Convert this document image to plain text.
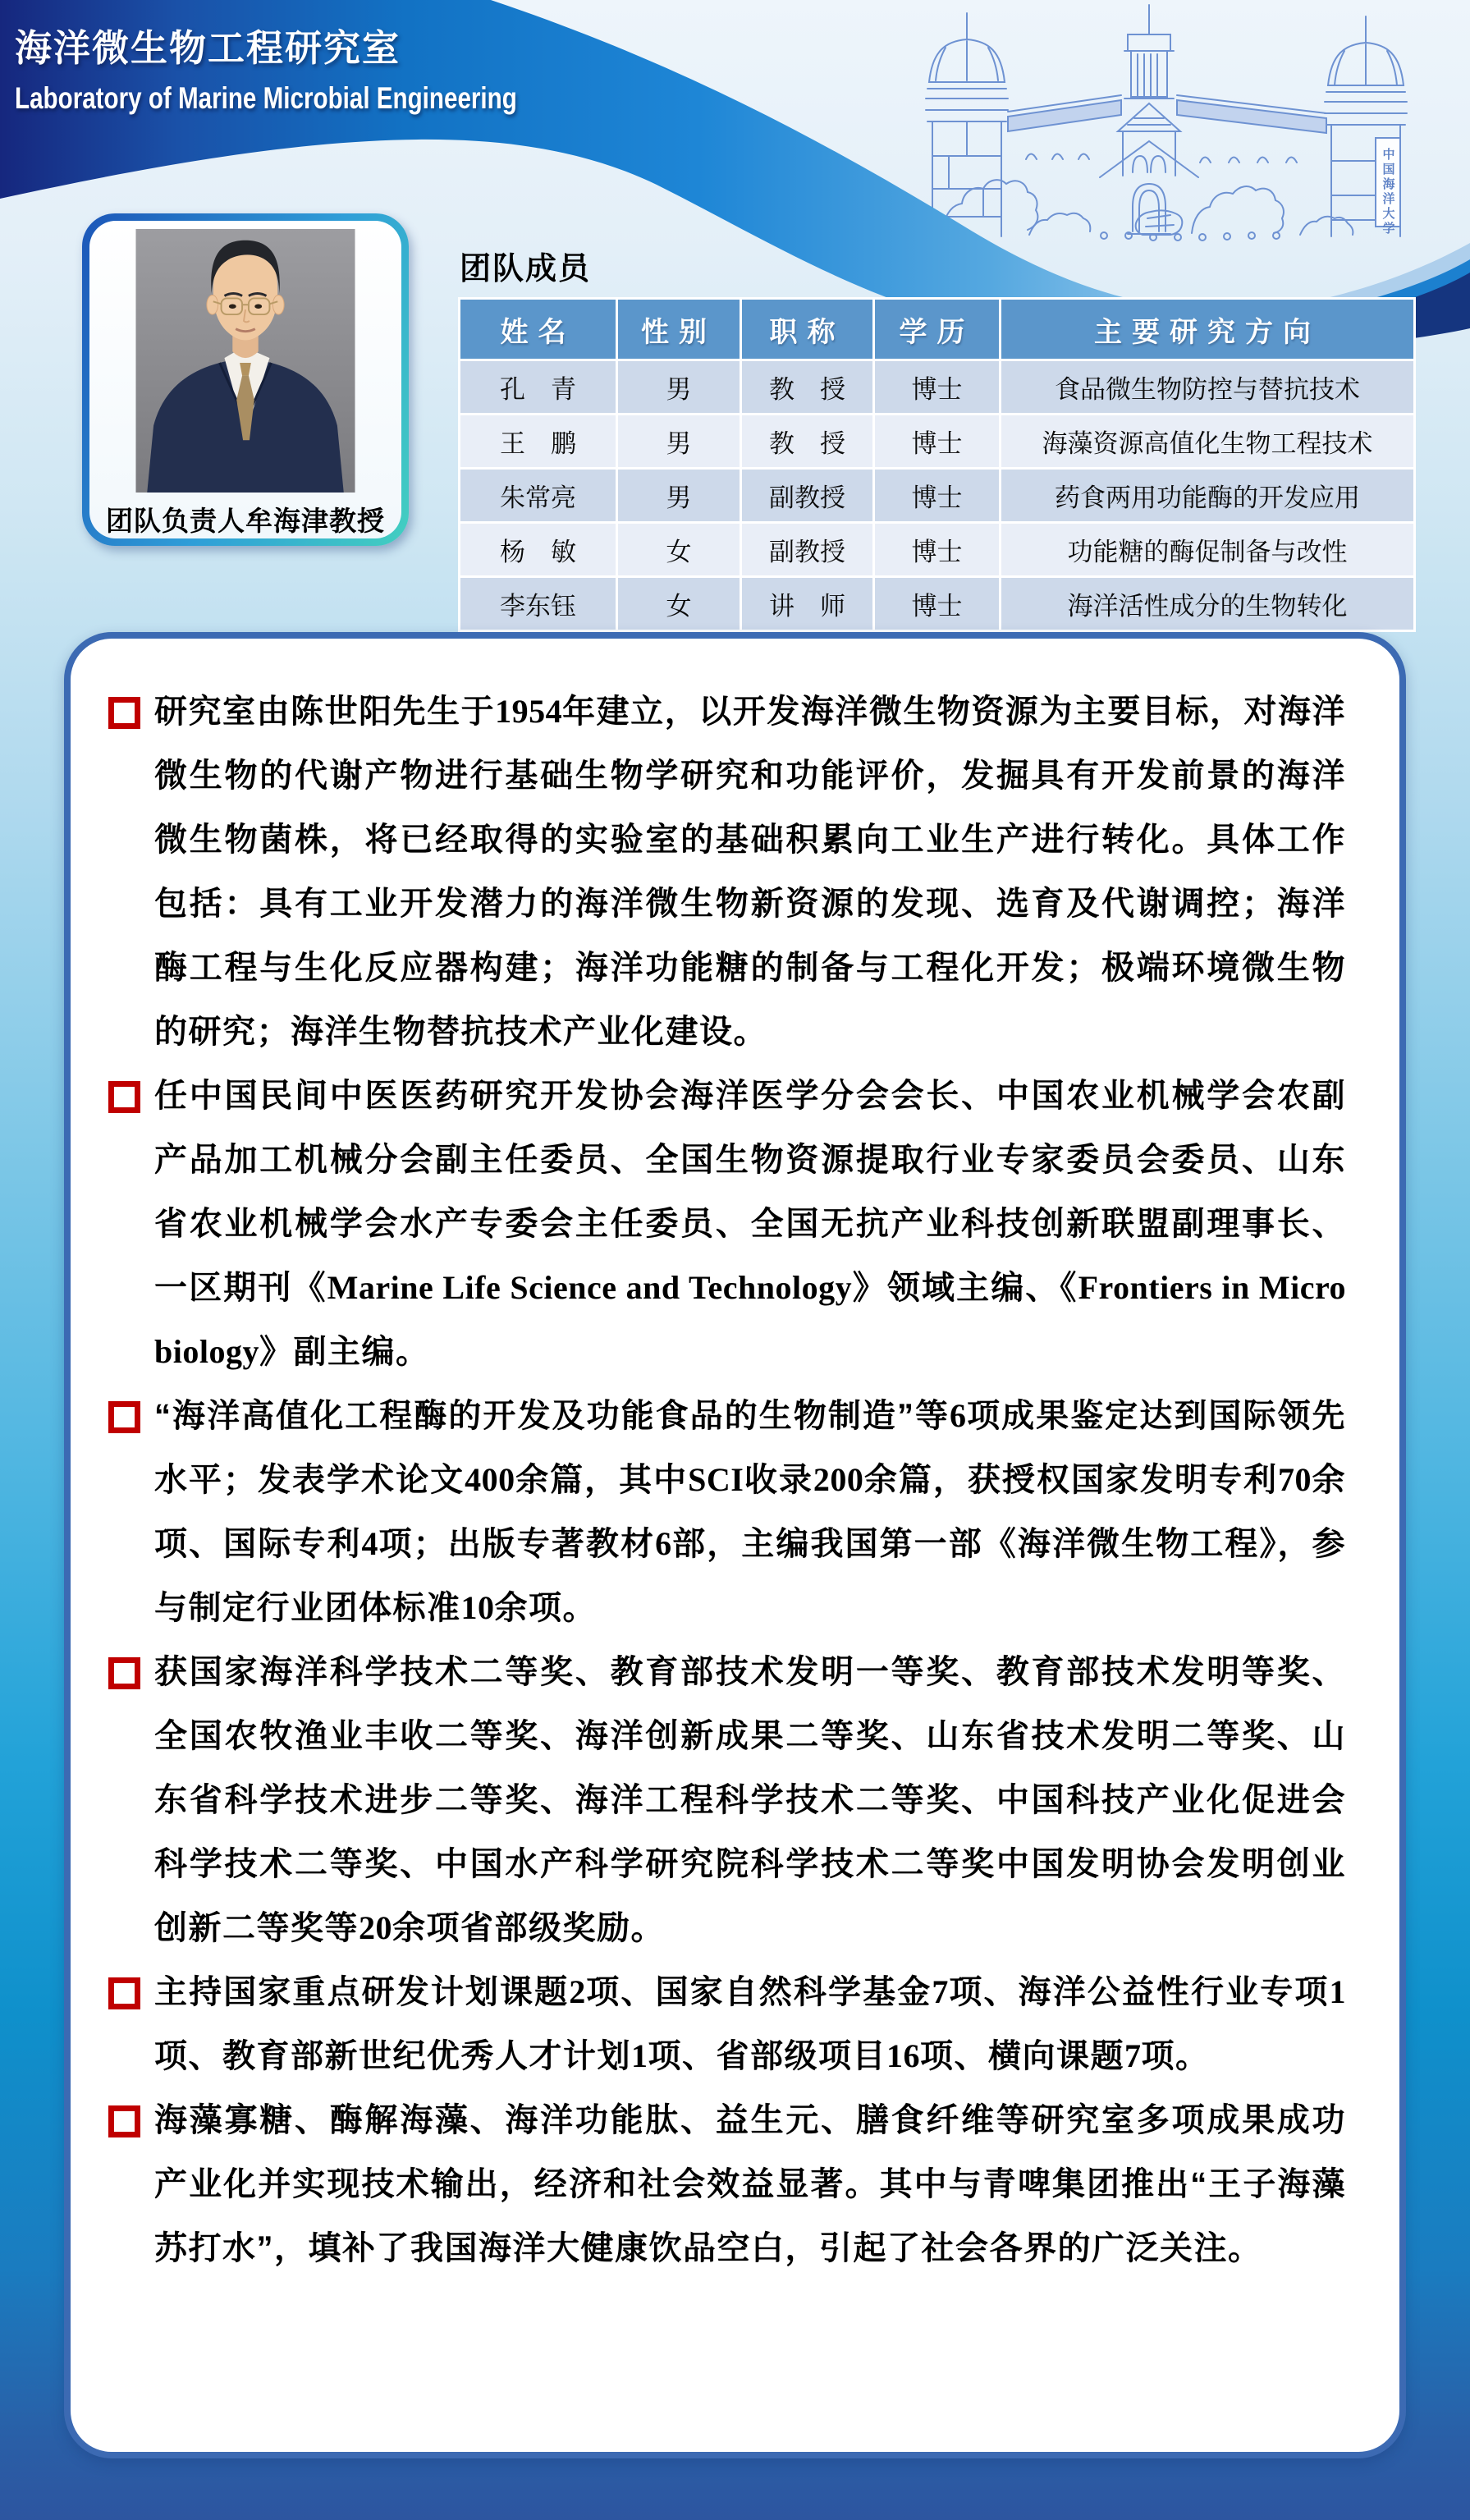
中国海洋大学
海洋微生物工程研究室
Laboratory of Marine Microbial Engineering
团队负责人牟海津教授
团队成员
姓名	性别	职称	学历	主要研究方向
孔　青	男	教　授	博士	食品微生物防控与替抗技术
王　鹏	男	教　授	博士	海藻资源高值化生物工程技术
朱常亮	男	副教授	博士	药食两用功能酶的开发应用
杨　敏	女	副教授	博士	功能糖的酶促制备与改性
李东钰	女	讲　师	博士	海洋活性成分的生物转化

研究室由陈世阳先生于1954年建立，以开发海洋微生物资源为主要目标，对海洋微生物的代谢产物进行基础生物学研究和功能评价，发掘具有开发前景的海洋微生物菌株，将已经取得的实验室的基础积累向工业生产进行转化。具体工作包括：具有工业开发潜力的海洋微生物新资源的发现、选育及代谢调控；海洋酶工程与生化反应器构建；海洋功能糖的制备与工程化开发；极端环境微生物的研究；海洋生物替抗技术产业化建设。

任中国民间中医医药研究开发协会海洋医学分会会长、中国农业机械学会农副产品加工机械分会副主任委员、全国生物资源提取行业专家委员会委员、山东省农业机械学会水产专委会主任委员、全国无抗产业科技创新联盟副理事长、一区期刊《Marine Life Science and Technology》领域主编、《Frontiers in Microbiology》副主编。

“海洋高值化工程酶的开发及功能食品的生物制造”等6项成果鉴定达到国际领先水平；发表学术论文400余篇，其中SCI收录200余篇，获授权国家发明专利70余项、国际专利4项；出版专著教材6部，主编我国第一部《海洋微生物工程》，参与制定行业团体标准10余项。

获国家海洋科学技术二等奖、教育部技术发明一等奖、教育部技术发明等奖、全国农牧渔业丰收二等奖、海洋创新成果二等奖、山东省技术发明二等奖、山东省科学技术进步二等奖、海洋工程科学技术二等奖、中国科技产业化促进会科学技术二等奖、中国水产科学研究院科学技术二等奖中国发明协会发明创业创新二等奖等20余项省部级奖励。

主持国家重点研发计划课题2项、国家自然科学基金7项、海洋公益性行业专项1项、教育部新世纪优秀人才计划1项、省部级项目16项、横向课题7项。

海藻寡糖、酶解海藻、海洋功能肽、益生元、膳食纤维等研究室多项成果成功产业化并实现技术输出，经济和社会效益显著。其中与青啤集团推出“王子海藻苏打水”，填补了我国海洋大健康饮品空白，引起了社会各界的广泛关注。
